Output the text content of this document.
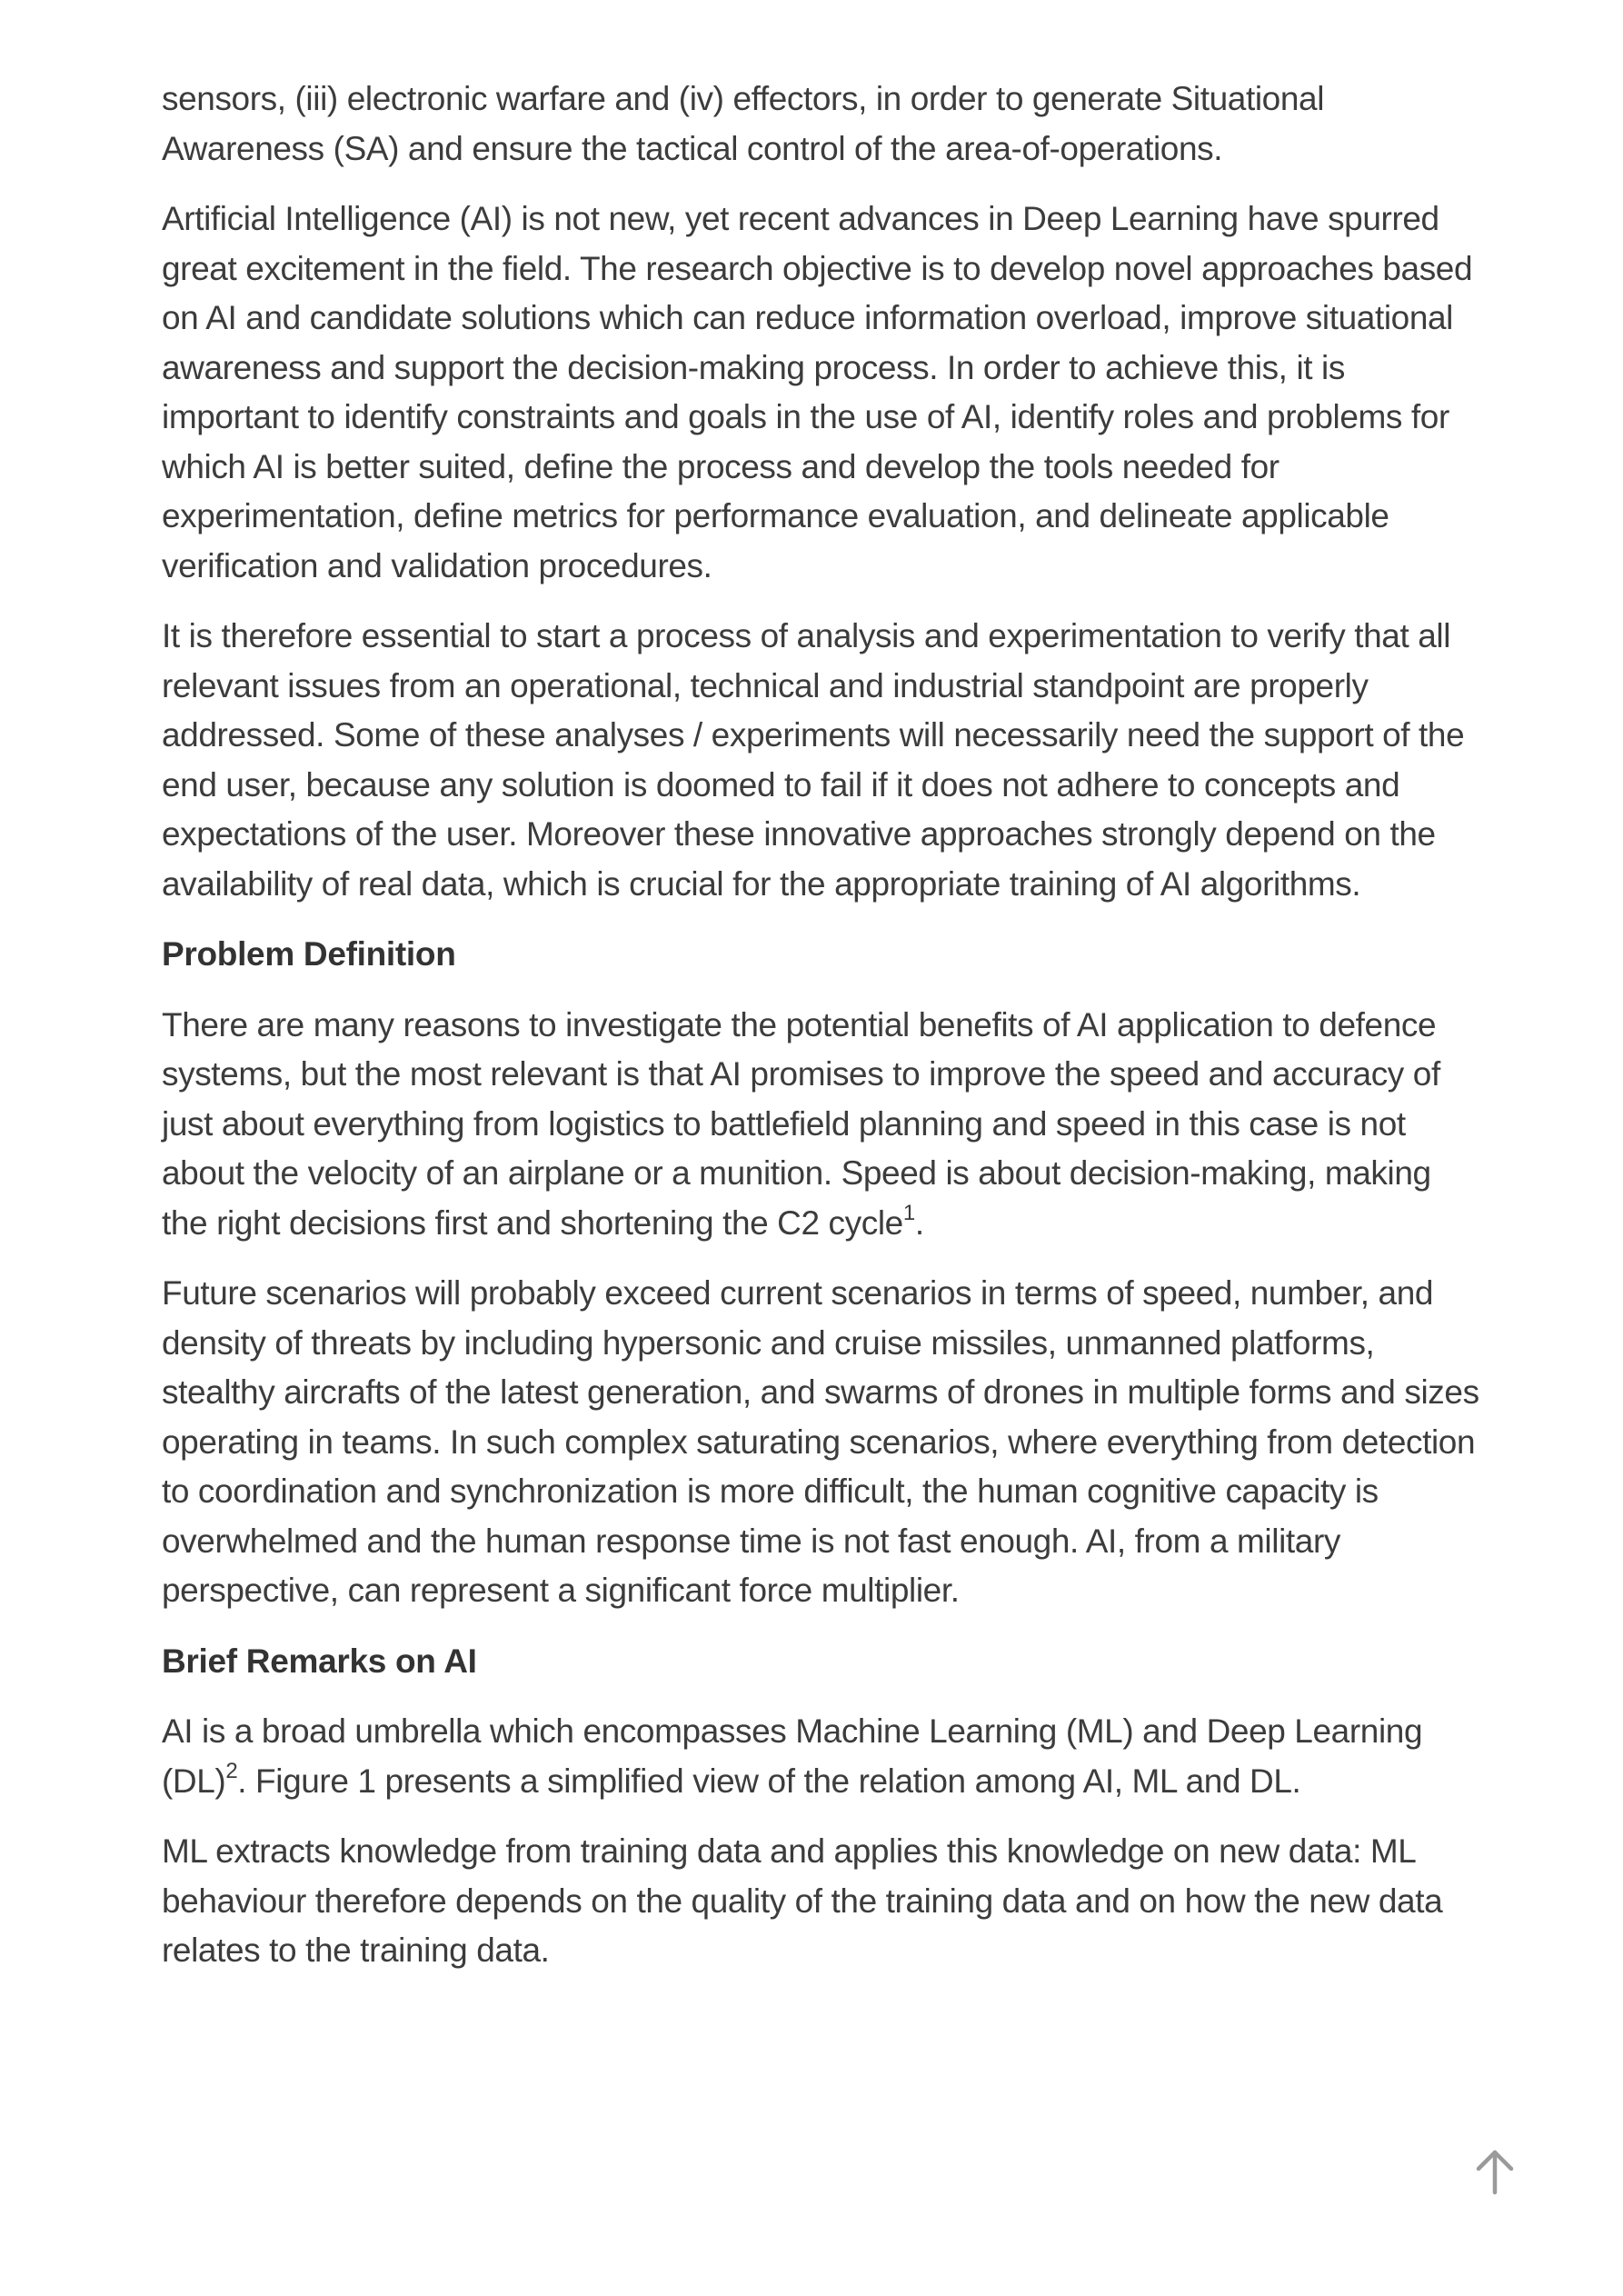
sensors, (iii) electronic warfare and (iv) effectors, in order to generate Situational Awareness (SA) and ensure the tactical control of the area-of-operations.

Artificial Intelligence (AI) is not new, yet recent advances in Deep Learning have spurred great excitement in the field. The research objective is to develop novel approaches based on AI and candidate solutions which can reduce information overload, improve situational awareness and support the decision-making process. In order to achieve this, it is important to identify constraints and goals in the use of AI, identify roles and problems for which AI is better suited, define the process and develop the tools needed for experimentation, define metrics for performance evaluation, and delineate applicable verification and validation procedures.

It is therefore essential to start a process of analysis and experimentation to verify that all relevant issues from an operational, technical and industrial standpoint are properly addressed. Some of these analyses / experiments will necessarily need the support of the end user, because any solution is doomed to fail if it does not adhere to concepts and expectations of the user. Moreover these innovative approaches strongly depend on the availability of real data, which is crucial for the appropriate training of AI algorithms.

Problem Definition

There are many reasons to investigate the potential benefits of AI application to defence systems, but the most relevant is that AI promises to improve the speed and accuracy of just about everything from logistics to battlefield planning and speed in this case is not about the velocity of an airplane or a munition. Speed is about decision-making, making the right decisions first and shortening the C2 cycle$^1$.

Future scenarios will probably exceed current scenarios in terms of speed, number, and density of threats by including hypersonic and cruise missiles, unmanned platforms, stealthy aircrafts of the latest generation, and swarms of drones in multiple forms and sizes operating in teams. In such complex saturating scenarios, where everything from detection to coordination and synchronization is more difficult, the human cognitive capacity is overwhelmed and the human response time is not fast enough. AI, from a military perspective, can represent a significant force multiplier.

Brief Remarks on AI

AI is a broad umbrella which encompasses Machine Learning (ML) and Deep Learning (DL)$^2$. Figure 1 presents a simplified view of the relation among AI, ML and DL.

ML extracts knowledge from training data and applies this knowledge on new data: ML behaviour therefore depends on the quality of the training data and on how the new data relates to the training data.
